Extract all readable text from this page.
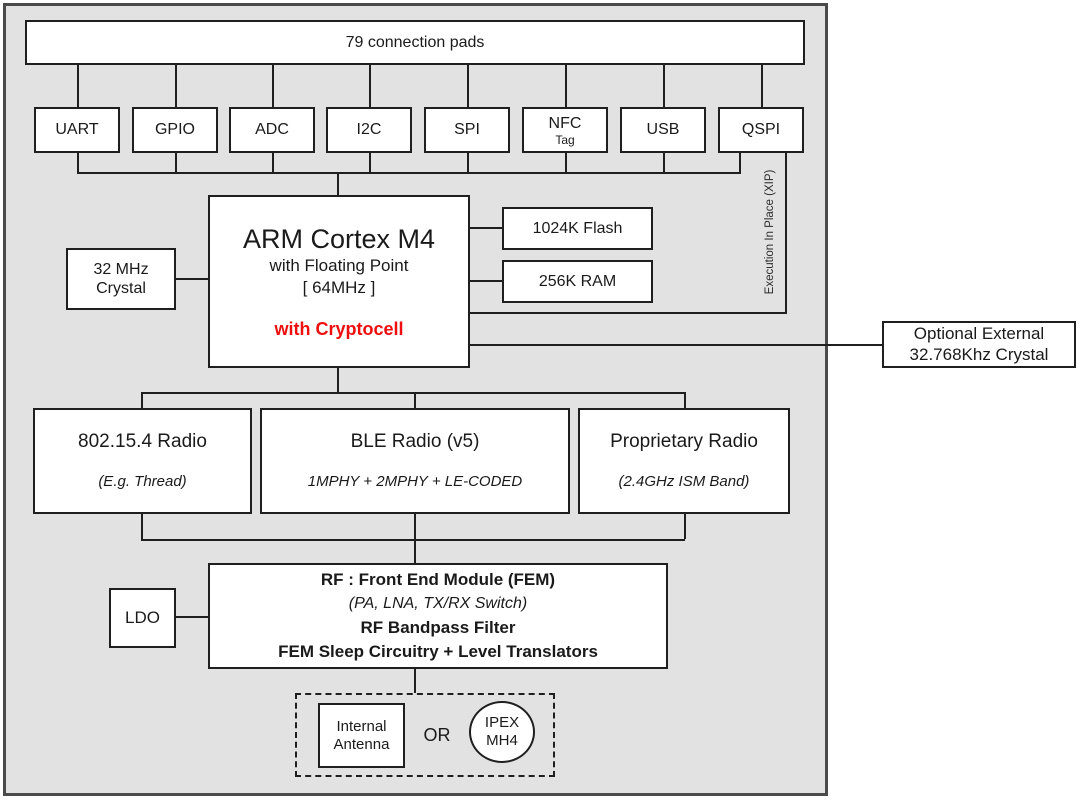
79 connection pads
UART	GPIO	ADC	I2C	SPI	NFC
Tag
USB	QSPI
Execution In Place (XIP)
ARM Cortex M4
with Floating Point
[ 64MHz ]
with Cryptocell
32 MHz
Crystal
1024K Flash
256K RAM
Optional External
32.768Khz Crystal
802.15.4 Radio
(E.g. Thread)
BLE Radio (v5)
1MPHY + 2MPHY + LE-CODED
Proprietary Radio
(2.4GHz ISM Band)
RF : Front End Module (FEM)
(PA, LNA, TX/RX Switch)
RF Bandpass Filter
FEM Sleep Circuitry + Level Translators
LDO
Internal
Antenna	OR
IPEX
MH4
